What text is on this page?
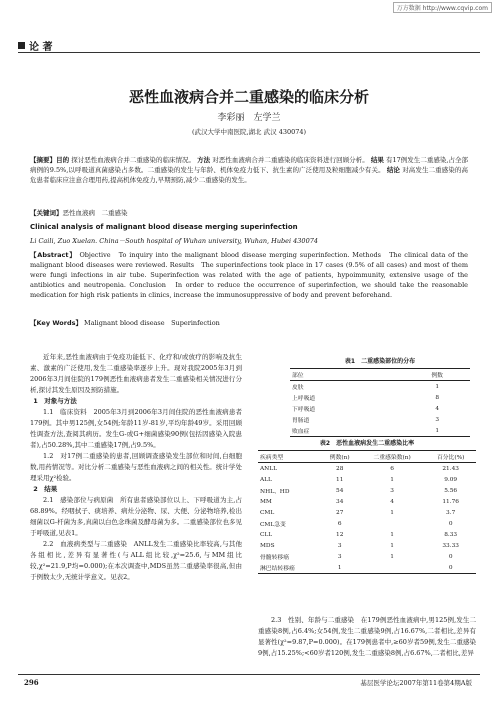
万方数据 http://www.cqvip.com
论 著
恶性血液病合并二重感染的临床分析
李彩丽　左学兰
(武汉大学中南医院,湖北 武汉 430074)
【摘要】目的 探讨恶性血液病合并二重感染的临床情况。 方法 对恶性血液病合并二重感染的临床资料进行回顾分析。 结果 有17例发生二重感染,占全部病例的9.5%,以呼吸道真菌感染占多数。二重感染的发生与年龄、机体免疫力低下、抗生素的广泛使用及粒细胞减少有关。 结论 对高发生二重感染的高危患者临床应注意合理用药,提高机体免疫力,早期预防,减少二重感染的发生。
【关键词】恶性血液病　二重感染
Clinical analysis of malignant blood disease merging superinfection
Li Caili, Zuo Xuelan. China－South hospital of Wuhan university, Wuhan, Hubei 430074
【Abstract】 Objective　To inquiry into the malignant blood disease merging superinfection. Methods　The clinical data of the malignant blood diseases were reviewed. Results　The superinfections took place in 17 cases (9.5% of all cases) and most of them were fungi infections in air tube. Superinfection was related with the age of patients, hypoimmunity, extensive usage of the antibiotics and neutropenia. Conclusion　In order to reduce the occurrence of superinfection, we should take the reasonable medication for high risk patients in clinics, increase the immunosuppressive of body and prevent beforehand.
【Key Words】 Malignant blood disease　Superinfection

近年来,恶性血液病由于免疫功能低下、化疗和/或放疗的影响及抗生素、激素的广泛使用,发生二重感染率逐步上升。现对我院2005年3月到2006年3月间住院的179例恶性血液病患者发生二重感染相关情况进行分析,探讨其发生原因及预防措施。

1　对象与方法

1.1　临床资料　2005年3月到2006年3月间住院的恶性血液病患者179例。其中男125例,女54例;年龄11岁-81岁,平均年龄49岁。采用回顾性调查方法,查阅其病历。发生G-或G+细菌感染90例(包括因感染入院患者),占50.28%,其中二重感染17例,占9.5%。

1.2　对17例二重感染的患者,回顾调查感染发生部位和时间,白细胞数,用药情况等。对比分析二重感染与恶性血液病之间的相关性。统计学处理采用χ²检验。

2　结果

2.1　感染部位与病原菌　所有患者感染部位以上、下呼吸道为主,占68.89%。经咽拭子、痰培养、病灶分泌物、尿、大便、分泌物培养,检出细菌以G-杆菌为多,真菌以白色念珠菌及酵母菌为多。二重感染部位也多见于呼吸道,见表1。

2.2　血液病类型与二重感染　ANLL发生二重感染比率较高,与其他各组相比,差异有显著性(与ALL组比较,χ²=25.6,与MM组比较,χ²=21.9,P均=0.000);在本次调查中,MDS虽然二重感染率很高,但由于例数太少,无统计学意义。见表2。

表1　二重感染部位的分布
部位	例数
皮肤	1
上呼吸道	8
下呼吸道	4
胃肠道	3
败血症	1
表2　恶性血液病发生二重感染比率
疾病类型	例数(n)	二重感染数(n)	百分比(%)
ANLL	28	6	21.43
ALL	11	1	9.09
NHL、HD	54	3	5.56
MM	34	4	11.76
CML	27	1	3.7
CML急变	6		0
CLL	12	1	8.33
MDS	3	1	33.33
骨髓转移癌	3	1	0
淋巴结转移癌	1		0

2.3　性别、年龄与二重感染　在179例恶性血液病中,男125例,发生二重感染8例,占6.4%;女54例,发生二重感染9例,占16.67%,二者相比,差异有显著性(χ²=9.87,P=0.000)。在179例患者中,≥60岁者59例,发生二重感染9例,占15.25%;<60岁者120例,发生二重感染8例,占6.67%,二者相比,差异

296	基层医学论坛2007年第11卷第4期A版
